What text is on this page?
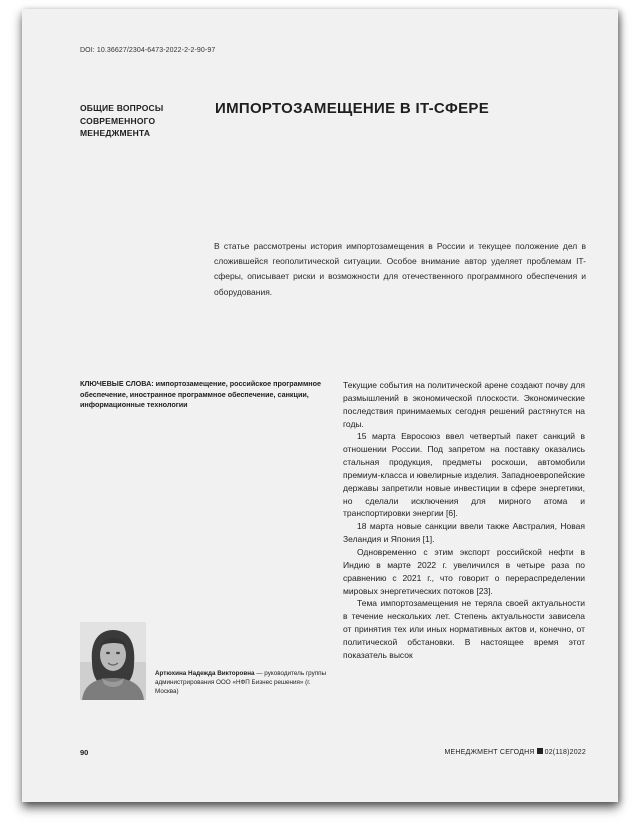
DOI: 10.36627/2304-6473-2022-2-2-90-97
ОБЩИЕ ВОПРОСЫ
СОВРЕМЕННОГО
МЕНЕДЖМЕНТА
ИМПОРТОЗАМЕЩЕНИЕ В IT-СФЕРЕ
В статье рассмотрены история импортозамещения в России и текущее положение дел в сложившейся геополитической ситуации. Особое внимание автор уделяет проблемам IT-сферы, описывает риски и возможности для отечественного программного обеспечения и оборудования.
КЛЮЧЕВЫЕ СЛОВА: импортозамещение, российское программное обеспечение, иностранное программное обеспечение, санкции, информационные технологии
Артюхина Надежда Викторовна — руководитель группы администрирования ООО «НФП Бизнес решения» (г. Москва)

Текущие события на политической арене создают почву для размышлений в экономической плоскости. Экономические последствия принимаемых сегодня решений растянутся на годы.

15 марта Евросоюз ввел четвертый пакет санкций в отношении России. Под запретом на поставку оказались стальная продукция, предметы роскоши, автомобили премиум-класса и ювелирные изделия. Западноевропейские державы запретили новые инвестиции в сфере энергетики, но сделали исключения для мирного атома и транспортировки энергии [6].

18 марта новые санкции ввели также Австралия, Новая Зеландия и Япония [1].

Одновременно с этим экспорт российской нефти в Индию в марте 2022 г. увеличился в четыре раза по сравнению с 2021 г., что говорит о перераспределении мировых энергетических потоков [23].

Тема импортозамещения не теряла своей актуальности в течение нескольких лет. Степень актуальности зависела от принятия тех или иных нормативных актов и, конечно, от политической обстановки. В настоящее время этот показатель высок

90	МЕНЕДЖМЕНТ СЕГОДНЯ 02(118)2022
